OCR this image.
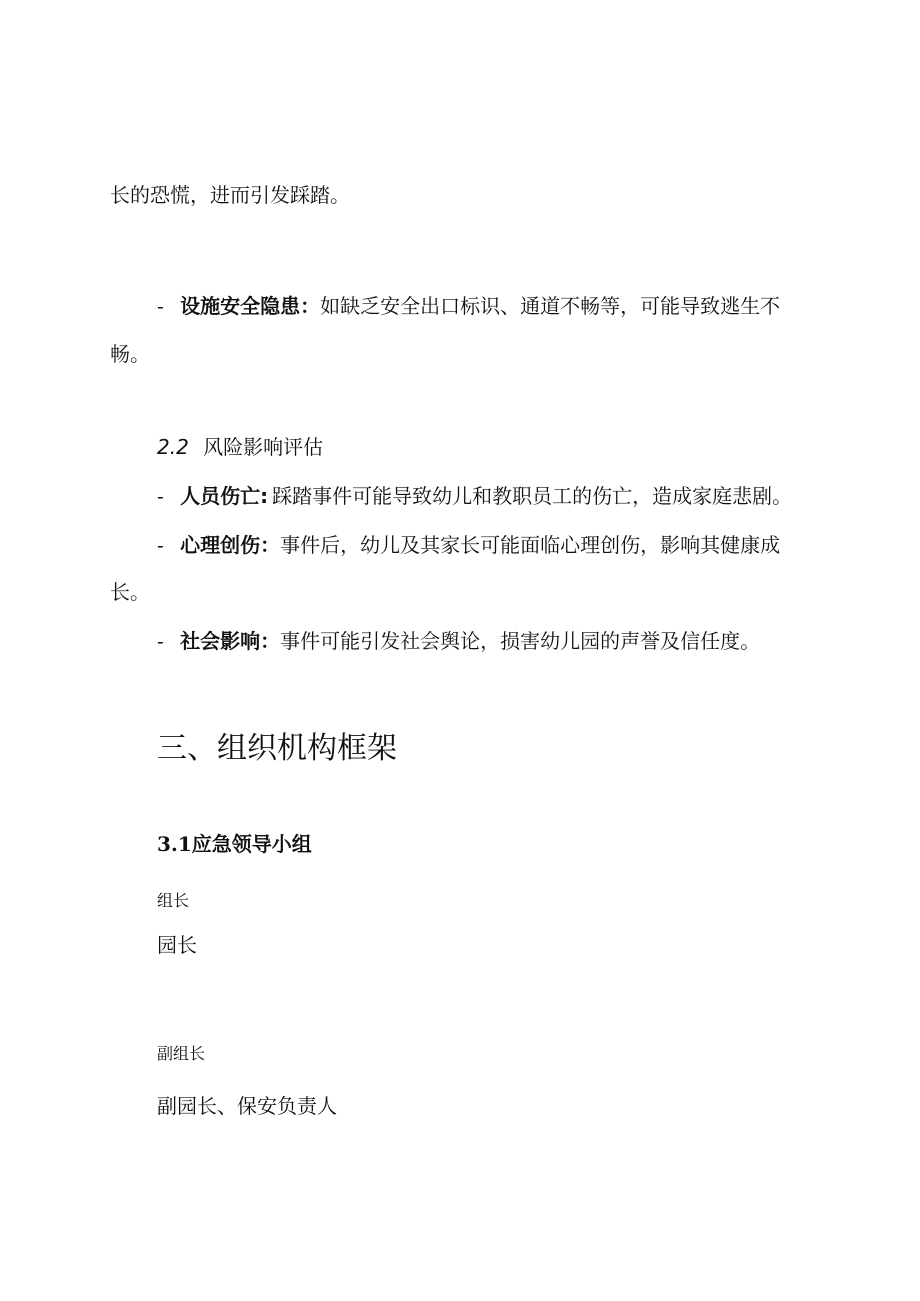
长的恐慌，进而引发踩踏。
- 设施安全隐患：如缺乏安全出口标识、通道不畅等，可能导致逃生不
畅。
2.2 风险影响评估
- 人员伤亡: 踩踏事件可能导致幼儿和教职员工的伤亡，造成家庭悲剧。
- 心理创伤：事件后，幼儿及其家长可能面临心理创伤，影响其健康成
长。
- 社会影响：事件可能引发社会舆论，损害幼儿园的声誉及信任度。
三、组织机构框架
3.1应急领导小组
组长
园长
副组长
副园长、保安负责人
